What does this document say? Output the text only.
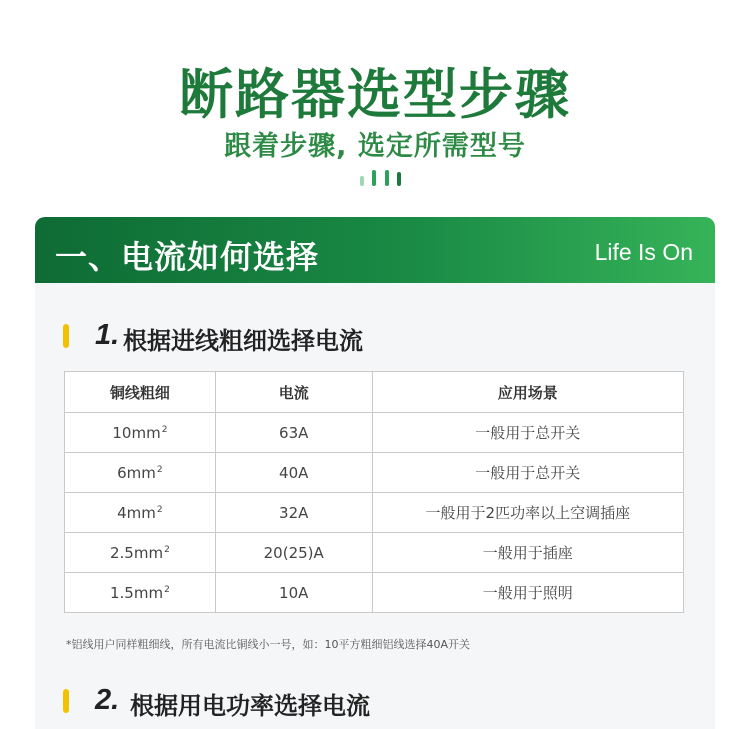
断路器选型步骤
跟着步骤, 选定所需型号
一、电流如何选择	Life Is On
1. 根据进线粗细选择电流
铜线粗细	电流	应用场景
$10mm^2$	63A	一般用于总开关
$6mm^2$	40A	一般用于总开关
$4mm^2$	32A	一般用于2匹功率以上空调插座
$2.5mm^2$	20(25)A	一般用于插座
$1.5mm^2$	10A	一般用于照明
*铝线用户同样粗细线，所有电流比铜线小一号，如：10平方粗细铝线选择40A开关
2. 根据用电功率选择电流
